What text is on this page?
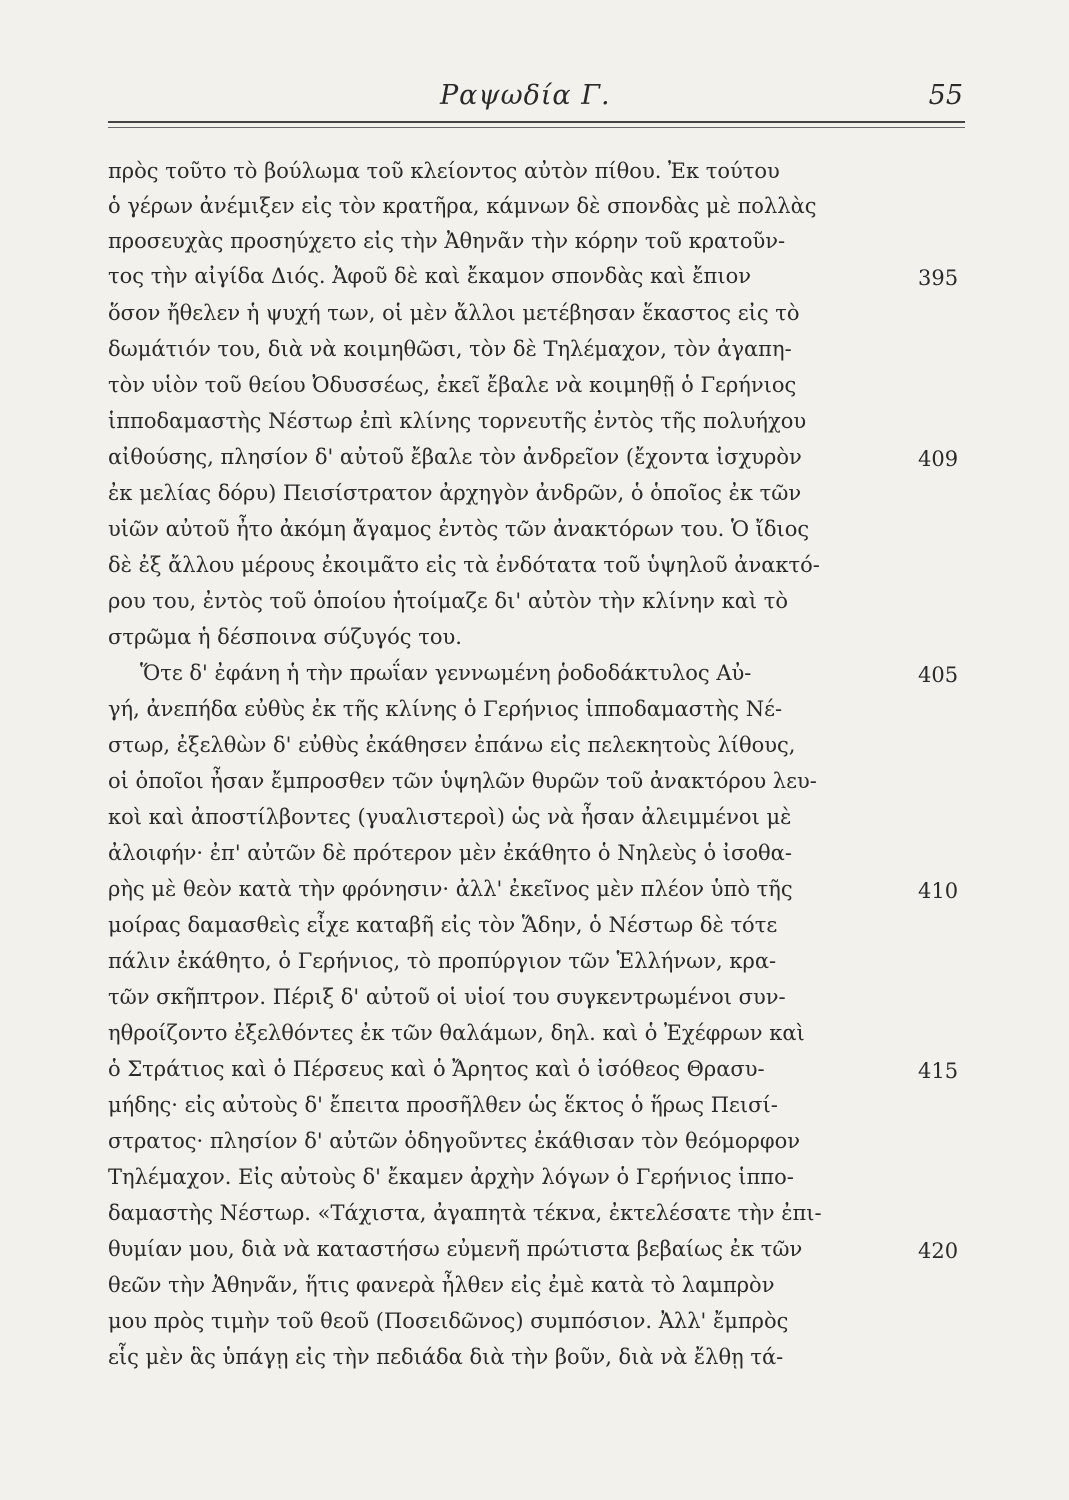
Ραψωδία Γ.	55
πρὸς τοῦτο τὸ βούλωμα τοῦ κλείοντος αὐτὸν πίθου. Ἐκ τούτου
ὁ γέρων ἀνέμιξεν εἰς τὸν κρατῆρα, κάμνων δὲ σπονδὰς μὲ πολλὰς
προσευχὰς προσηύχετο εἰς τὴν Ἀθηνᾶν τὴν κόρην τοῦ κρατοῦν-
τος τὴν αἰγίδα Διός. Ἀφοῦ δὲ καὶ ἔκαμον σπονδὰς καὶ ἔπιον
ὅσον ἤθελεν ἡ ψυχή των, οἱ μὲν ἄλλοι μετέβησαν ἕκαστος εἰς τὸ
δωμάτιόν του, διὰ νὰ κοιμηθῶσι, τὸν δὲ Τηλέμαχον, τὸν ἀγαπη-
τὸν υἱὸν τοῦ θείου Ὀδυσσέως, ἐκεῖ ἔβαλε νὰ κοιμηθῇ ὁ Γερήνιος
ἱπποδαμαστὴς Νέστωρ ἐπὶ κλίνης τορνευτῆς ἐντὸς τῆς πολυήχου
αἰθούσης, πλησίον δ' αὐτοῦ ἔβαλε τὸν ἀνδρεῖον (ἔχοντα ἰσχυρὸν
ἐκ μελίας δόρυ) Πεισίστρατον ἀρχηγὸν ἀνδρῶν, ὁ ὁποῖος ἐκ τῶν
υἱῶν αὐτοῦ ἦτο ἀκόμη ἄγαμος ἐντὸς τῶν ἀνακτόρων του. Ὁ ἴδιος
δὲ ἐξ ἄλλου μέρους ἐκοιμᾶτο εἰς τὰ ἐνδότατα τοῦ ὑψηλοῦ ἀνακτό-
ρου του, ἐντὸς τοῦ ὁποίου ἡτοίμαζε δι' αὐτὸν τὴν κλίνην καὶ τὸ
στρῶμα ἡ δέσποινα σύζυγός του.
Ὅτε δ' ἐφάνη ἡ τὴν πρωΐαν γεννωμένη ῥοδοδάκτυλος Αὐ-
γή, ἀνεπήδα εὐθὺς ἐκ τῆς κλίνης ὁ Γερήνιος ἱπποδαμαστὴς Νέ-
στωρ, ἐξελθὼν δ' εὐθὺς ἐκάθησεν ἐπάνω εἰς πελεκητοὺς λίθους,
οἱ ὁποῖοι ἦσαν ἔμπροσθεν τῶν ὑψηλῶν θυρῶν τοῦ ἀνακτόρου λευ-
κοὶ καὶ ἀποστίλβοντες (γυαλιστεροὶ) ὡς νὰ ἦσαν ἀλειμμένοι μὲ
ἀλοιφήν· ἐπ' αὐτῶν δὲ πρότερον μὲν ἐκάθητο ὁ Νηλεὺς ὁ ἰσοθα-
ρὴς μὲ θεὸν κατὰ τὴν φρόνησιν· ἀλλ' ἐκεῖνος μὲν πλέον ὑπὸ τῆς
μοίρας δαμασθεὶς εἶχε καταβῆ εἰς τὸν Ἅδην, ὁ Νέστωρ δὲ τότε
πάλιν ἐκάθητο, ὁ Γερήνιος, τὸ προπύργιον τῶν Ἑλλήνων, κρα-
τῶν σκῆπτρον. Πέριξ δ' αὐτοῦ οἱ υἱοί του συγκεντρωμένοι συν-
ηθροίζοντο ἐξελθόντες ἐκ τῶν θαλάμων, δηλ. καὶ ὁ Ἐχέφρων καὶ
ὁ Στράτιος καὶ ὁ Πέρσευς καὶ ὁ Ἄρητος καὶ ὁ ἰσόθεος Θρασυ-
μήδης· εἰς αὐτοὺς δ' ἔπειτα προσῆλθεν ὡς ἕκτος ὁ ἥρως Πεισί-
στρατος· πλησίον δ' αὐτῶν ὁδηγοῦντες ἐκάθισαν τὸν θεόμορφον
Τηλέμαχον. Εἰς αὐτοὺς δ' ἔκαμεν ἀρχὴν λόγων ὁ Γερήνιος ἱππο-
δαμαστὴς Νέστωρ. «Τάχιστα, ἀγαπητὰ τέκνα, ἐκτελέσατε τὴν ἐπι-
θυμίαν μου, διὰ νὰ καταστήσω εὐμενῆ πρώτιστα βεβαίως ἐκ τῶν
θεῶν τὴν Ἀθηνᾶν, ἥτις φανερὰ ἦλθεν εἰς ἐμὲ κατὰ τὸ λαμπρὸν
μου πρὸς τιμὴν τοῦ θεοῦ (Ποσειδῶνος) συμπόσιον. Ἀλλ' ἔμπρὸς
εἷς μὲν ἃς ὑπάγῃ εἰς τὴν πεδιάδα διὰ τὴν βοῦν, διὰ νὰ ἔλθῃ τά-
395
409
405
410
415
420
